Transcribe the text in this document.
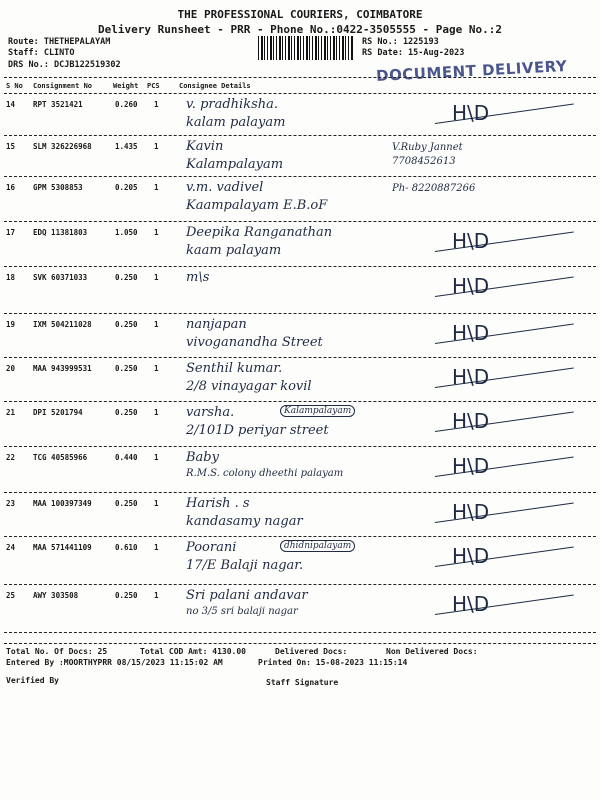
THE PROFESSIONAL COURIERS, COIMBATORE
Delivery Runsheet - PRR - Phone No.:0422-3505555 - Page No.:2
Route: THETHEPALAYAM
Staff: CLINTO
DRS No.: DCJB122519302
RS No.: 1225193
RS Date: 15-Aug-2023
DOCUMENT DELIVERY
S No Consignment No	Weight PCS	Consignee Details
14 RPT 3521421	0.260 1 v. pradhiksha.
kalam palayam	H\D
15 SLM 326226968	1.435 1 Kavin
Kalampalayam
V.Ruby Jannet 7708452613
16 GPM 5308853	0.205 1 v.m. vadivel
Kaampalayam E.B.oF
Ph- 8220887266
17 EDQ 11381803	1.050 1 Deepika Ranganathan
kaam palayam	H\D
18 SVK 60371033	0.250 1 m\s	H\D
19 IXM 504211028	0.250 1 nanjapan
vivoganandha Street	H\D
20 MAA 943999531	0.250 1 Senthil kumar.
2/8 vinayagar kovil	H\D
21 DPI 5201794	0.250 1 varsha.
2/101D periyar street
Kalampalayam	H\D
22 TCG 40585966	0.440 1 Baby
R.M.S. colony dheethi palayam	H\D
23 MAA 100397349	0.250 1 Harish . s
kandasamy nagar	H\D
24 MAA 571441109	0.610 1 Poorani
17/E Balaji nagar.
dhidnipalayam	H\D
25 AWY 303508	0.250 1 Sri palani andavar
no 3/5 sri balaji nagar	H\D
Total No. Of Docs: 25	Total COD Amt: 4130.00	Delivered Docs:	Non Delivered Docs:
Entered By :MOORTHYPRR 08/15/2023 11:15:02 AM	Printed On: 15-08-2023 11:15:14
Verified By	Staff Signature
